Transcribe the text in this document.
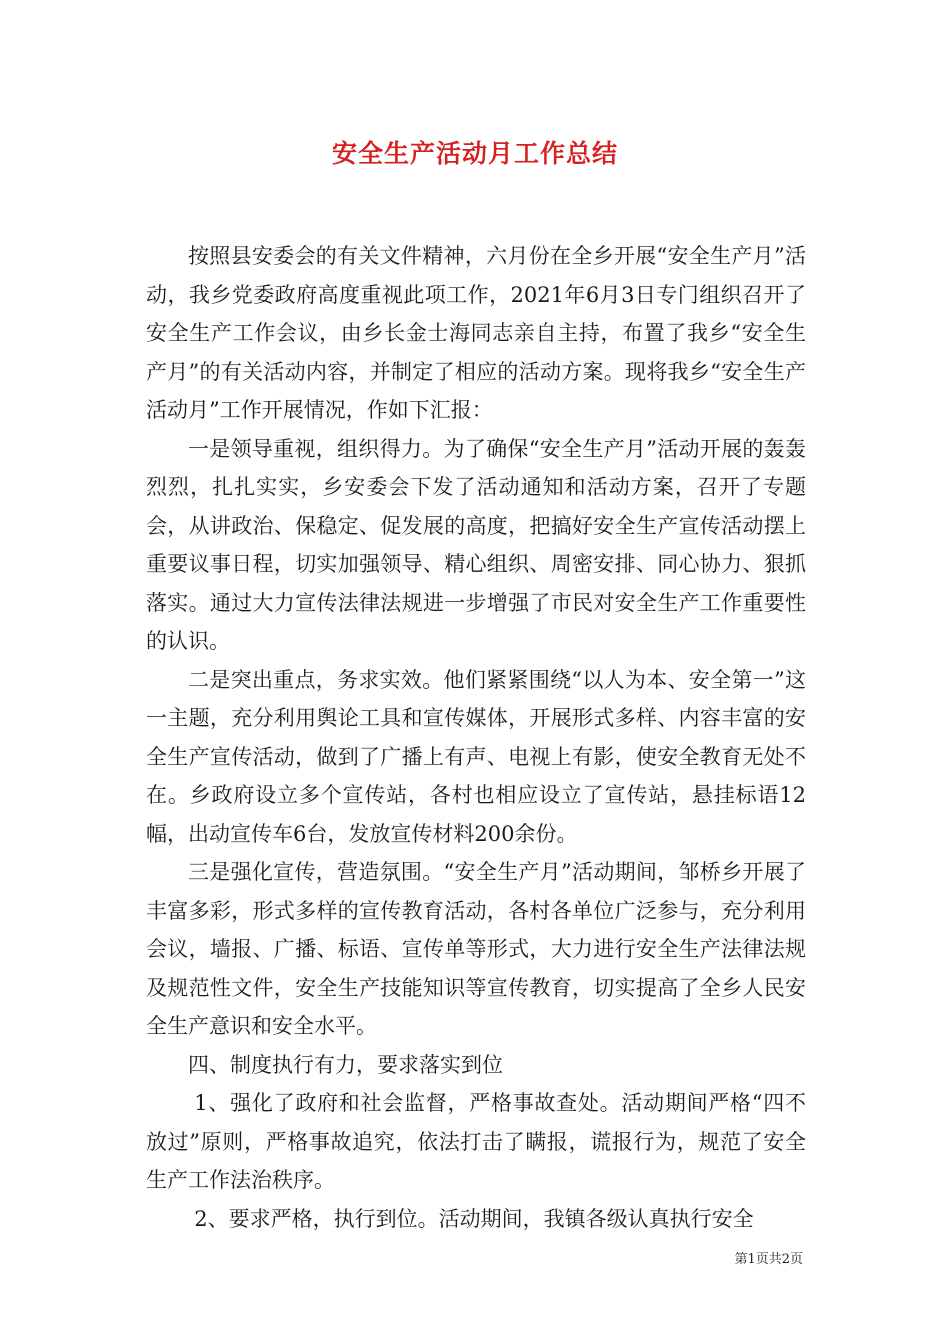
安全生产活动月工作总结

按照县安委会的有关文件精神，六月份在全乡开展“安全生产月”活动，我乡党委政府高度重视此项工作，2021年6月3日专门组织召开了安全生产工作会议，由乡长金士海同志亲自主持，布置了我乡“安全生产月”的有关活动内容，并制定了相应的活动方案。现将我乡“安全生产活动月”工作开展情况，作如下汇报：

一是领导重视，组织得力。为了确保“安全生产月”活动开展的轰轰烈烈，扎扎实实，乡安委会下发了活动通知和活动方案，召开了专题会，从讲政治、保稳定、促发展的高度，把搞好安全生产宣传活动摆上重要议事日程，切实加强领导、精心组织、周密安排、同心协力、狠抓落实。通过大力宣传法律法规进一步增强了市民对安全生产工作重要性的认识。

二是突出重点，务求实效。他们紧紧围绕“以人为本、安全第一”这一主题，充分利用舆论工具和宣传媒体，开展形式多样、内容丰富的安全生产宣传活动，做到了广播上有声、电视上有影，使安全教育无处不在。乡政府设立多个宣传站，各村也相应设立了宣传站，悬挂标语12幅，出动宣传车6台，发放宣传材料200余份。

三是强化宣传，营造氛围。“安全生产月”活动期间，邹桥乡开展了丰富多彩，形式多样的宣传教育活动，各村各单位广泛参与，充分利用会议，墙报、广播、标语、宣传单等形式，大力进行安全生产法律法规及规范性文件，安全生产技能知识等宣传教育，切实提高了全乡人民安全生产意识和安全水平。

四、制度执行有力，要求落实到位

1、强化了政府和社会监督，严格事故查处。活动期间严格“四不放过”原则，严格事故追究，依法打击了瞒报，谎报行为，规范了安全生产工作法治秩序。

2、要求严格，执行到位。活动期间，我镇各级认真执行安全

第1页共2页
